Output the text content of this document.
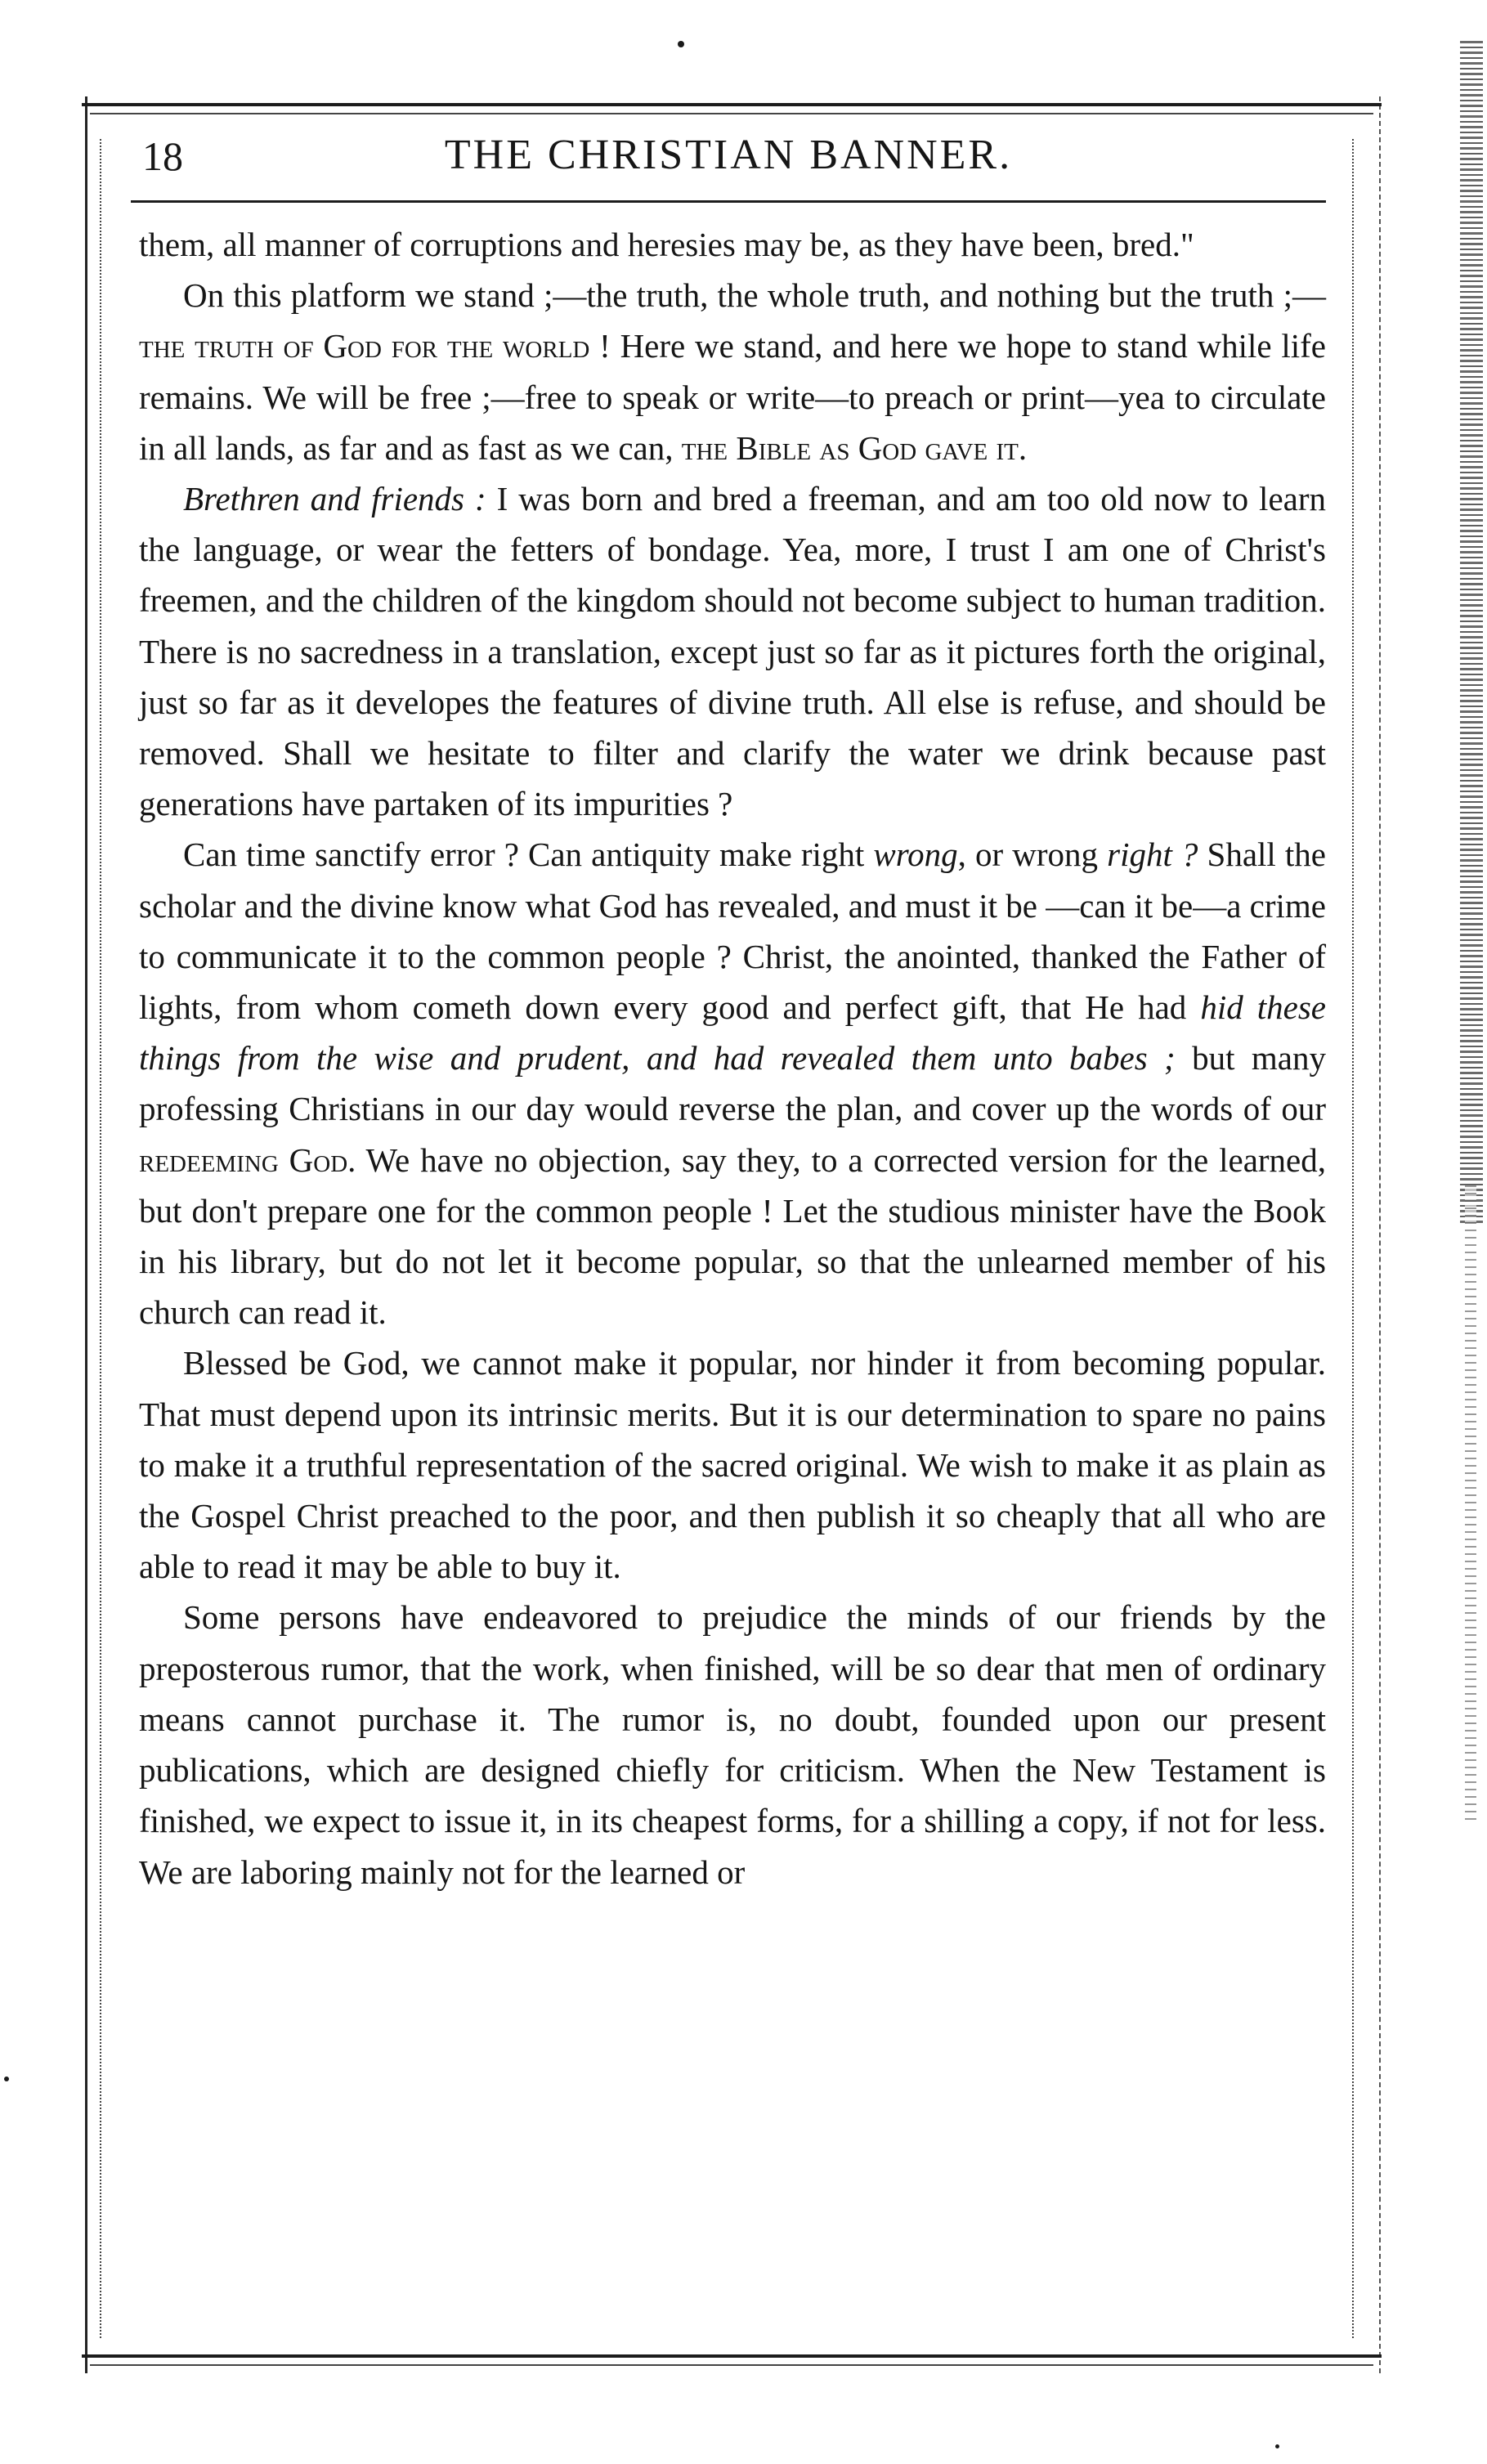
18	THE CHRISTIAN BANNER.

them, all manner of corruptions and heresies may be, as they have been, bred."

On this platform we stand ;—the truth, the whole truth, and nothing but the truth ;—the truth of God for the world ! Here we stand, and here we hope to stand while life remains. We will be free ;—free to speak or write—to preach or print—yea to circulate in all lands, as far and as fast as we can, the Bible as God gave it.

Brethren and friends : I was born and bred a freeman, and am too old now to learn the language, or wear the fetters of bondage. Yea, more, I trust I am one of Christ's freemen, and the children of the kingdom should not become subject to human tradition. There is no sacredness in a translation, except just so far as it pictures forth the original, just so far as it developes the features of divine truth. All else is refuse, and should be removed. Shall we hesitate to filter and clarify the water we drink because past generations have partaken of its impurities ?

Can time sanctify error ? Can antiquity make right wrong, or wrong right ? Shall the scholar and the divine know what God has revealed, and must it be —can it be—a crime to communicate it to the common people ? Christ, the anointed, thanked the Father of lights, from whom cometh down every good and perfect gift, that He had hid these things from the wise and prudent, and had revealed them unto babes ; but many professing Christians in our day would reverse the plan, and cover up the words of our redeeming God. We have no objection, say they, to a corrected version for the learned, but don't prepare one for the common people ! Let the studious minister have the Book in his library, but do not let it become popular, so that the unlearned member of his church can read it.

Blessed be God, we cannot make it popular, nor hinder it from becoming popular. That must depend upon its intrinsic merits. But it is our determination to spare no pains to make it a truthful representation of the sacred original. We wish to make it as plain as the Gospel Christ preached to the poor, and then publish it so cheaply that all who are able to read it may be able to buy it.

Some persons have endeavored to prejudice the minds of our friends by the preposterous rumor, that the work, when finished, will be so dear that men of ordinary means cannot purchase it. The rumor is, no doubt, founded upon our present publications, which are designed chiefly for criticism. When the New Testament is finished, we expect to issue it, in its cheapest forms, for a shilling a copy, if not for less. We are laboring mainly not for the learned or
